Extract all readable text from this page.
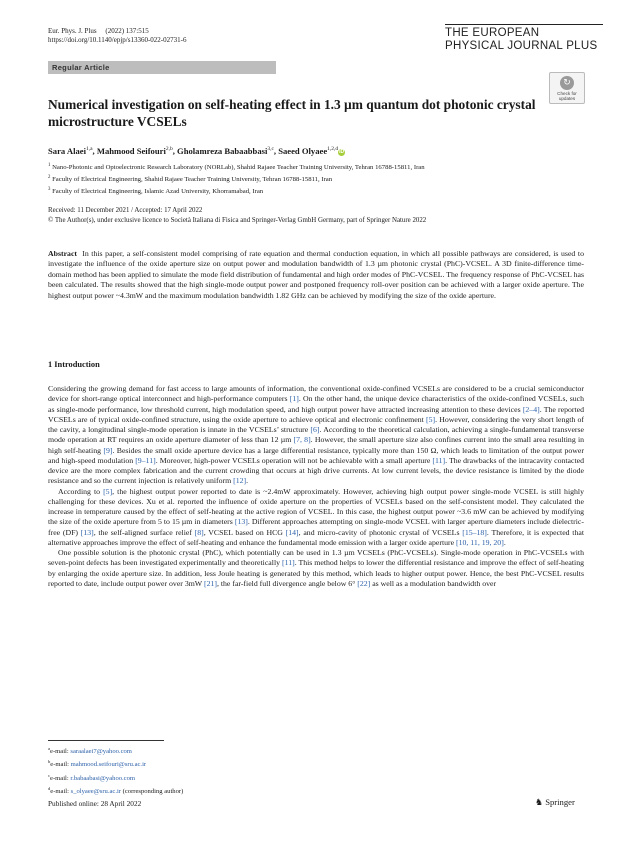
Eur. Phys. J. Plus (2022) 137:515
https://doi.org/10.1140/epjp/s13360-022-02731-6
THE EUROPEAN
PHYSICAL JOURNAL PLUS
Regular Article
↻
Check for
updates
Numerical investigation on self-heating effect in 1.3 µm quantum dot photonic crystal microstructure VCSELs
Sara Alaei$^{1,a}$, Mahmood Seifouri$^{2,b}$, Gholamreza Babaabbasi$^{3,c}$, Saeed Olyaee$^{1,2,d}$iD
$^1$ Nano-Photonic and Optoelectronic Research Laboratory (NORLab), Shahid Rajaee Teacher Training University, Tehran 16788-15811, Iran
$^2$ Faculty of Electrical Engineering, Shahid Rajaee Teacher Training University, Tehran 16788-15811, Iran
$^3$ Faculty of Electrical Engineering, Islamic Azad University, Khorramabad, Iran
Received: 11 December 2021 / Accepted: 17 April 2022
© The Author(s), under exclusive licence to Società Italiana di Fisica and Springer-Verlag GmbH Germany, part of Springer Nature 2022
Abstract In this paper, a self-consistent model comprising of rate equation and thermal conduction equation, in which all possible pathways are considered, is used to investigate the influence of the oxide aperture size on output power and modulation bandwidth of 1.3 µm photonic crystal (PhC)-VCSEL. A 3D finite-difference time-domain method has been applied to simulate the mode field distribution of fundamental and high order modes of PhC-VCSEL. The frequency response of PhC-VCSEL has been calculated. The results showed that the high single-mode output power and postponed frequency roll-over position can be achieved with a larger oxide aperture. The highest output power ~4.3mW and the maximum modulation bandwidth 1.82 GHz can be achieved by modifying the size of the oxide aperture.
1 Introduction

Considering the growing demand for fast access to large amounts of information, the conventional oxide-confined VCSELs are considered to be a crucial semiconductor device for short-range optical interconnect and high-performance computers [1]. On the other hand, the unique device characteristics of the oxide-confined VCSELs, such as single-mode performance, low threshold current, high modulation speed, and high output power have attracted increasing attention to these devices [2–4]. The reported VCSELs are of typical oxide-confined structure, using the oxide aperture to achieve optical and electronic confinement [5]. However, considering the very short length of the cavity, a longitudinal single-mode operation is innate in the VCSELs’ structure [6]. According to the theoretical calculation, achieving a single-fundamental transverse mode operation at RT requires an oxide aperture diameter of less than 12 µm [7, 8]. However, the small aperture size also confines current into the small area resulting in high self-heating [9]. Besides the small oxide aperture device has a large differential resistance, typically more than 150 Ω, which leads to limitation of the output power and high-speed modulation [9–11]. Moreover, high-power VCSELs operation will not be achievable with a small aperture [11]. The drawbacks of the intracavity contacted device are the more complex fabrication and the current crowding that occurs at high drive currents. At low current levels, the device resistance is limited by the diode resistance and so the current injection is relatively uniform [12].

According to [5], the highest output power reported to date is ~2.4mW approximately. However, achieving high output power single-mode VCSEL is still highly challenging for these devices. Xu et al. reported the influence of oxide aperture on the properties of VCSELs based on the self-consistent model. They calculated the increase in temperature caused by the effect of self-heating at the active region of VCSEL. In this case, the highest output power ~3.6 mW can be achieved by modifying the size of the oxide aperture from 5 to 15 µm in diameters [13]. Different approaches attempting on single-mode VCSEL with larger aperture diameters include dielectric-free (DF) [13], the self-aligned surface relief [8], VCSEL based on HCG [14], and micro-cavity of photonic crystal of VCSELs [15–18]. Therefore, it is expected that alternative approaches improve the effect of self-heating and enhance the fundamental mode emission with a larger oxide aperture [10, 11, 19, 20].

One possible solution is the photonic crystal (PhC), which potentially can be used in 1.3 µm VCSELs (PhC-VCSELs). Single-mode operation in PhC-VCSELs with seven-point defects has been investigated experimentally and theoretically [11]. This method helps to lower the differential resistance and improve the effect of self-heating by enlarging the oxide aperture size. In addition, less Joule heating is generated by this method, which leads to higher output power. Hence, the best PhC-VCSEL results reported to date, include output power over 3mW [21], the far-field full divergence angle below 6° [22] as well as a modulation bandwidth over

$^a$e-mail: saraalaei7@yahoo.com
$^b$e-mail: mahmood.seifouri@sru.ac.ir
$^c$e-mail: r.babaabasi@yahoo.com
$^d$e-mail: s_olyaee@sru.ac.ir (corresponding author)
Published online: 28 April 2022	♞ Springer
